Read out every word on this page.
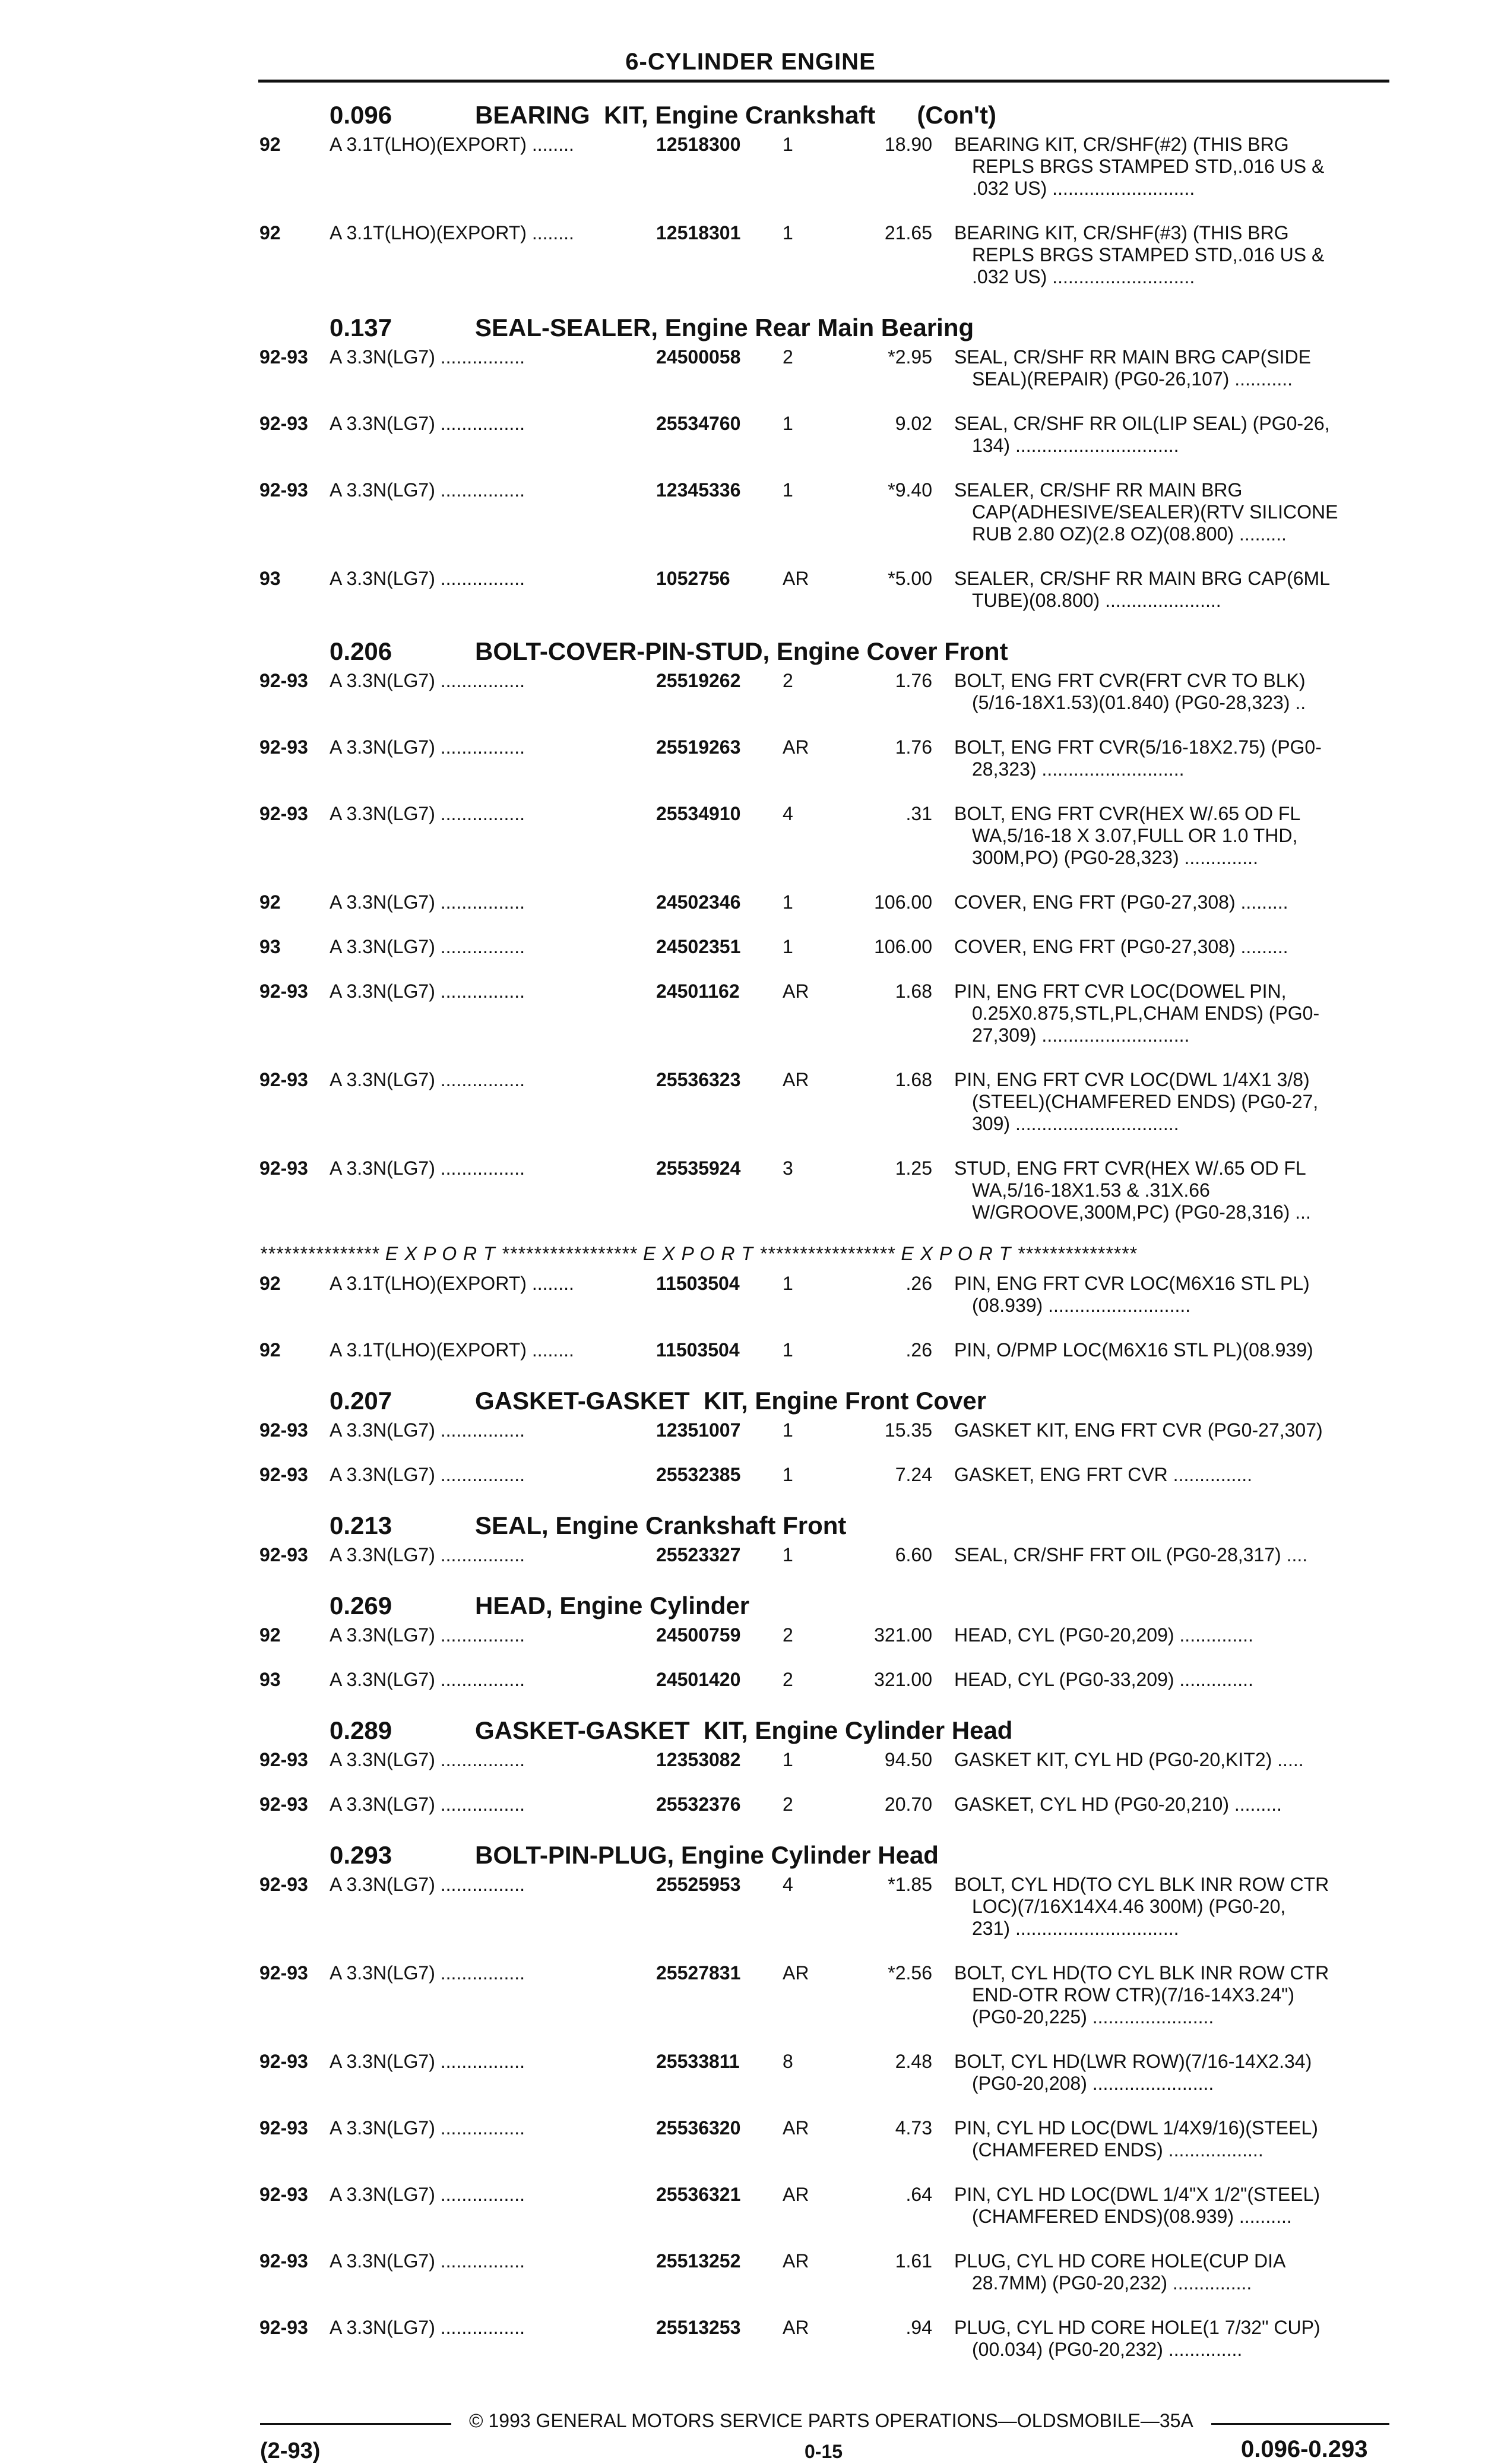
6-CYLINDER ENGINE
0.096	BEARING  KIT, Engine Crankshaft      (Con't)
92	A 3.1T(LHO)(EXPORT) ........	12518300 1	18.90 BEARING KIT, CR/SHF(#2) (THIS BRG
REPLS BRGS STAMPED STD,.016 US &
.032 US) ...........................
92	A 3.1T(LHO)(EXPORT) ........	12518301 1	21.65 BEARING KIT, CR/SHF(#3) (THIS BRG
REPLS BRGS STAMPED STD,.016 US &
.032 US) ...........................
0.137	SEAL-SEALER, Engine Rear Main Bearing
92-93 A 3.3N(LG7) ................	24500058 2	*2.95 SEAL, CR/SHF RR MAIN BRG CAP(SIDE
SEAL)(REPAIR) (PG0-26,107) ...........
92-93 A 3.3N(LG7) ................	25534760 1	9.02 SEAL, CR/SHF RR OIL(LIP SEAL) (PG0-26,
134) ...............................
92-93 A 3.3N(LG7) ................	12345336 1	*9.40 SEALER, CR/SHF RR MAIN BRG
CAP(ADHESIVE/SEALER)(RTV SILICONE
RUB 2.80 OZ)(2.8 OZ)(08.800) .........
93	A 3.3N(LG7) ................	1052756	AR	*5.00 SEALER, CR/SHF RR MAIN BRG CAP(6ML
TUBE)(08.800) ......................
0.206	BOLT-COVER-PIN-STUD, Engine Cover Front
92-93 A 3.3N(LG7) ................	25519262 2	1.76 BOLT, ENG FRT CVR(FRT CVR TO BLK)
(5/16-18X1.53)(01.840) (PG0-28,323) ..
92-93 A 3.3N(LG7) ................	25519263 AR	1.76 BOLT, ENG FRT CVR(5/16-18X2.75) (PG0-
28,323) ...........................
92-93 A 3.3N(LG7) ................	25534910 4	.31 BOLT, ENG FRT CVR(HEX W/.65 OD FL
WA,5/16-18 X 3.07,FULL OR 1.0 THD,
300M,PO) (PG0-28,323) ..............
92	A 3.3N(LG7) ................	24502346 1	106.00 COVER, ENG FRT (PG0-27,308) .........
93	A 3.3N(LG7) ................	24502351 1	106.00 COVER, ENG FRT (PG0-27,308) .........
92-93 A 3.3N(LG7) ................	24501162 AR	1.68 PIN, ENG FRT CVR LOC(DOWEL PIN,
0.25X0.875,STL,PL,CHAM ENDS) (PG0-
27,309) ............................
92-93 A 3.3N(LG7) ................	25536323 AR	1.68 PIN, ENG FRT CVR LOC(DWL 1/4X1 3/8)
(STEEL)(CHAMFERED ENDS) (PG0-27,
309) ...............................
92-93 A 3.3N(LG7) ................	25535924 3	1.25 STUD, ENG FRT CVR(HEX W/.65 OD FL
WA,5/16-18X1.53 & .31X.66
W/GROOVE,300M,PC) (PG0-28,316) ...
*************** E X P O R T ***************** E X P O R T ***************** E X P O R T ***************
92	A 3.1T(LHO)(EXPORT) ........	11503504 1	.26 PIN, ENG FRT CVR LOC(M6X16 STL PL)
(08.939) ...........................
92	A 3.1T(LHO)(EXPORT) ........	11503504 1	.26 PIN, O/PMP LOC(M6X16 STL PL)(08.939)
0.207	GASKET-GASKET  KIT, Engine Front Cover
92-93 A 3.3N(LG7) ................	12351007 1	15.35 GASKET KIT, ENG FRT CVR (PG0-27,307)
92-93 A 3.3N(LG7) ................	25532385 1	7.24 GASKET, ENG FRT CVR ...............
0.213	SEAL, Engine Crankshaft Front
92-93 A 3.3N(LG7) ................	25523327 1	6.60 SEAL, CR/SHF FRT OIL (PG0-28,317) ....
0.269	HEAD, Engine Cylinder
92	A 3.3N(LG7) ................	24500759 2	321.00 HEAD, CYL (PG0-20,209) ..............
93	A 3.3N(LG7) ................	24501420 2	321.00 HEAD, CYL (PG0-33,209) ..............
0.289	GASKET-GASKET  KIT, Engine Cylinder Head
92-93 A 3.3N(LG7) ................	12353082 1	94.50 GASKET KIT, CYL HD (PG0-20,KIT2) .....
92-93 A 3.3N(LG7) ................	25532376 2	20.70 GASKET, CYL HD (PG0-20,210) .........
0.293	BOLT-PIN-PLUG, Engine Cylinder Head
92-93 A 3.3N(LG7) ................	25525953 4	*1.85 BOLT, CYL HD(TO CYL BLK INR ROW CTR
LOC)(7/16X14X4.46 300M) (PG0-20,
231) ...............................
92-93 A 3.3N(LG7) ................	25527831 AR	*2.56 BOLT, CYL HD(TO CYL BLK INR ROW CTR
END-OTR ROW CTR)(7/16-14X3.24")
(PG0-20,225) .......................
92-93 A 3.3N(LG7) ................	25533811 8	2.48 BOLT, CYL HD(LWR ROW)(7/16-14X2.34)
(PG0-20,208) .......................
92-93 A 3.3N(LG7) ................	25536320 AR	4.73 PIN, CYL HD LOC(DWL 1/4X9/16)(STEEL)
(CHAMFERED ENDS) ..................
92-93 A 3.3N(LG7) ................	25536321 AR	.64 PIN, CYL HD LOC(DWL 1/4"X 1/2"(STEEL)
(CHAMFERED ENDS)(08.939) ..........
92-93 A 3.3N(LG7) ................	25513252 AR	1.61 PLUG, CYL HD CORE HOLE(CUP DIA
28.7MM) (PG0-20,232) ...............
92-93 A 3.3N(LG7) ................	25513253 AR	.94 PLUG, CYL HD CORE HOLE(1 7/32" CUP)
(00.034) (PG0-20,232) ..............
(2-93)	0-15	0.096-0.293
© 1993 GENERAL MOTORS SERVICE PARTS OPERATIONS—OLDSMOBILE—35A
